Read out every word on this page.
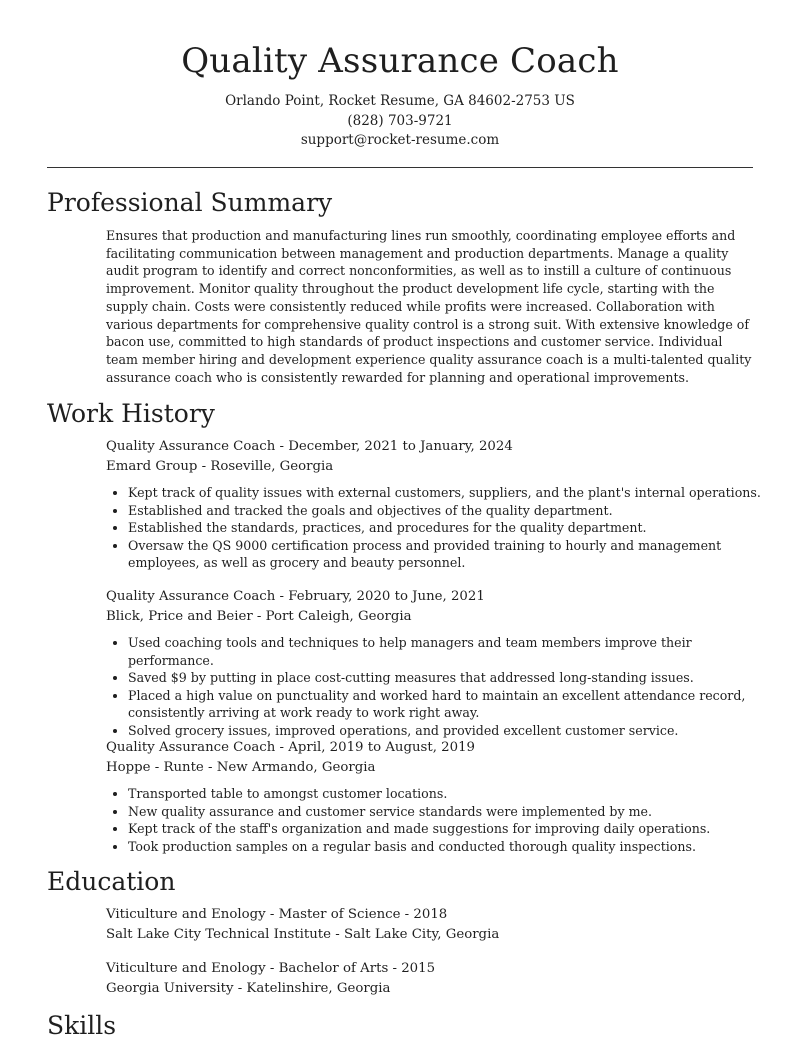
Quality Assurance Coach
Orlando Point, Rocket Resume, GA 84602-2753 US
(828) 703-9721
support@rocket-resume.com
Professional Summary
Ensures that production and manufacturing lines run smoothly, coordinating employee efforts and facilitating communication between management and production departments. Manage a quality audit program to identify and correct nonconformities, as well as to instill a culture of continuous improvement. Monitor quality throughout the product development life cycle, starting with the supply chain. Costs were consistently reduced while profits were increased. Collaboration with various departments for comprehensive quality control is a strong suit. With extensive knowledge of bacon use, committed to high standards of product inspections and customer service. Individual team member hiring and development experience quality assurance coach is a multi-talented quality assurance coach who is consistently rewarded for planning and operational improvements.
Work History
Quality Assurance Coach - December, 2021 to January, 2024
Emard Group - Roseville, Georgia
• Kept track of quality issues with external customers, suppliers, and the plant's internal operations.
• Established and tracked the goals and objectives of the quality department.
• Established the standards, practices, and procedures for the quality department.
• Oversaw the QS 9000 certification process and provided training to hourly and management employees, as well as grocery and beauty personnel.
Quality Assurance Coach - February, 2020 to June, 2021
Blick, Price and Beier - Port Caleigh, Georgia
• Used coaching tools and techniques to help managers and team members improve their performance.
• Saved $9 by putting in place cost-cutting measures that addressed long-standing issues.
• Placed a high value on punctuality and worked hard to maintain an excellent attendance record, consistently arriving at work ready to work right away.
• Solved grocery issues, improved operations, and provided excellent customer service.
Quality Assurance Coach - April, 2019 to August, 2019
Hoppe - Runte - New Armando, Georgia
• Transported table to amongst customer locations.
• New quality assurance and customer service standards were implemented by me.
• Kept track of the staff's organization and made suggestions for improving daily operations.
• Took production samples on a regular basis and conducted thorough quality inspections.
Education
Viticulture and Enology - Master of Science - 2018
Salt Lake City Technical Institute - Salt Lake City, Georgia
Viticulture and Enology - Bachelor of Arts - 2015
Georgia University - Katelinshire, Georgia
Skills
